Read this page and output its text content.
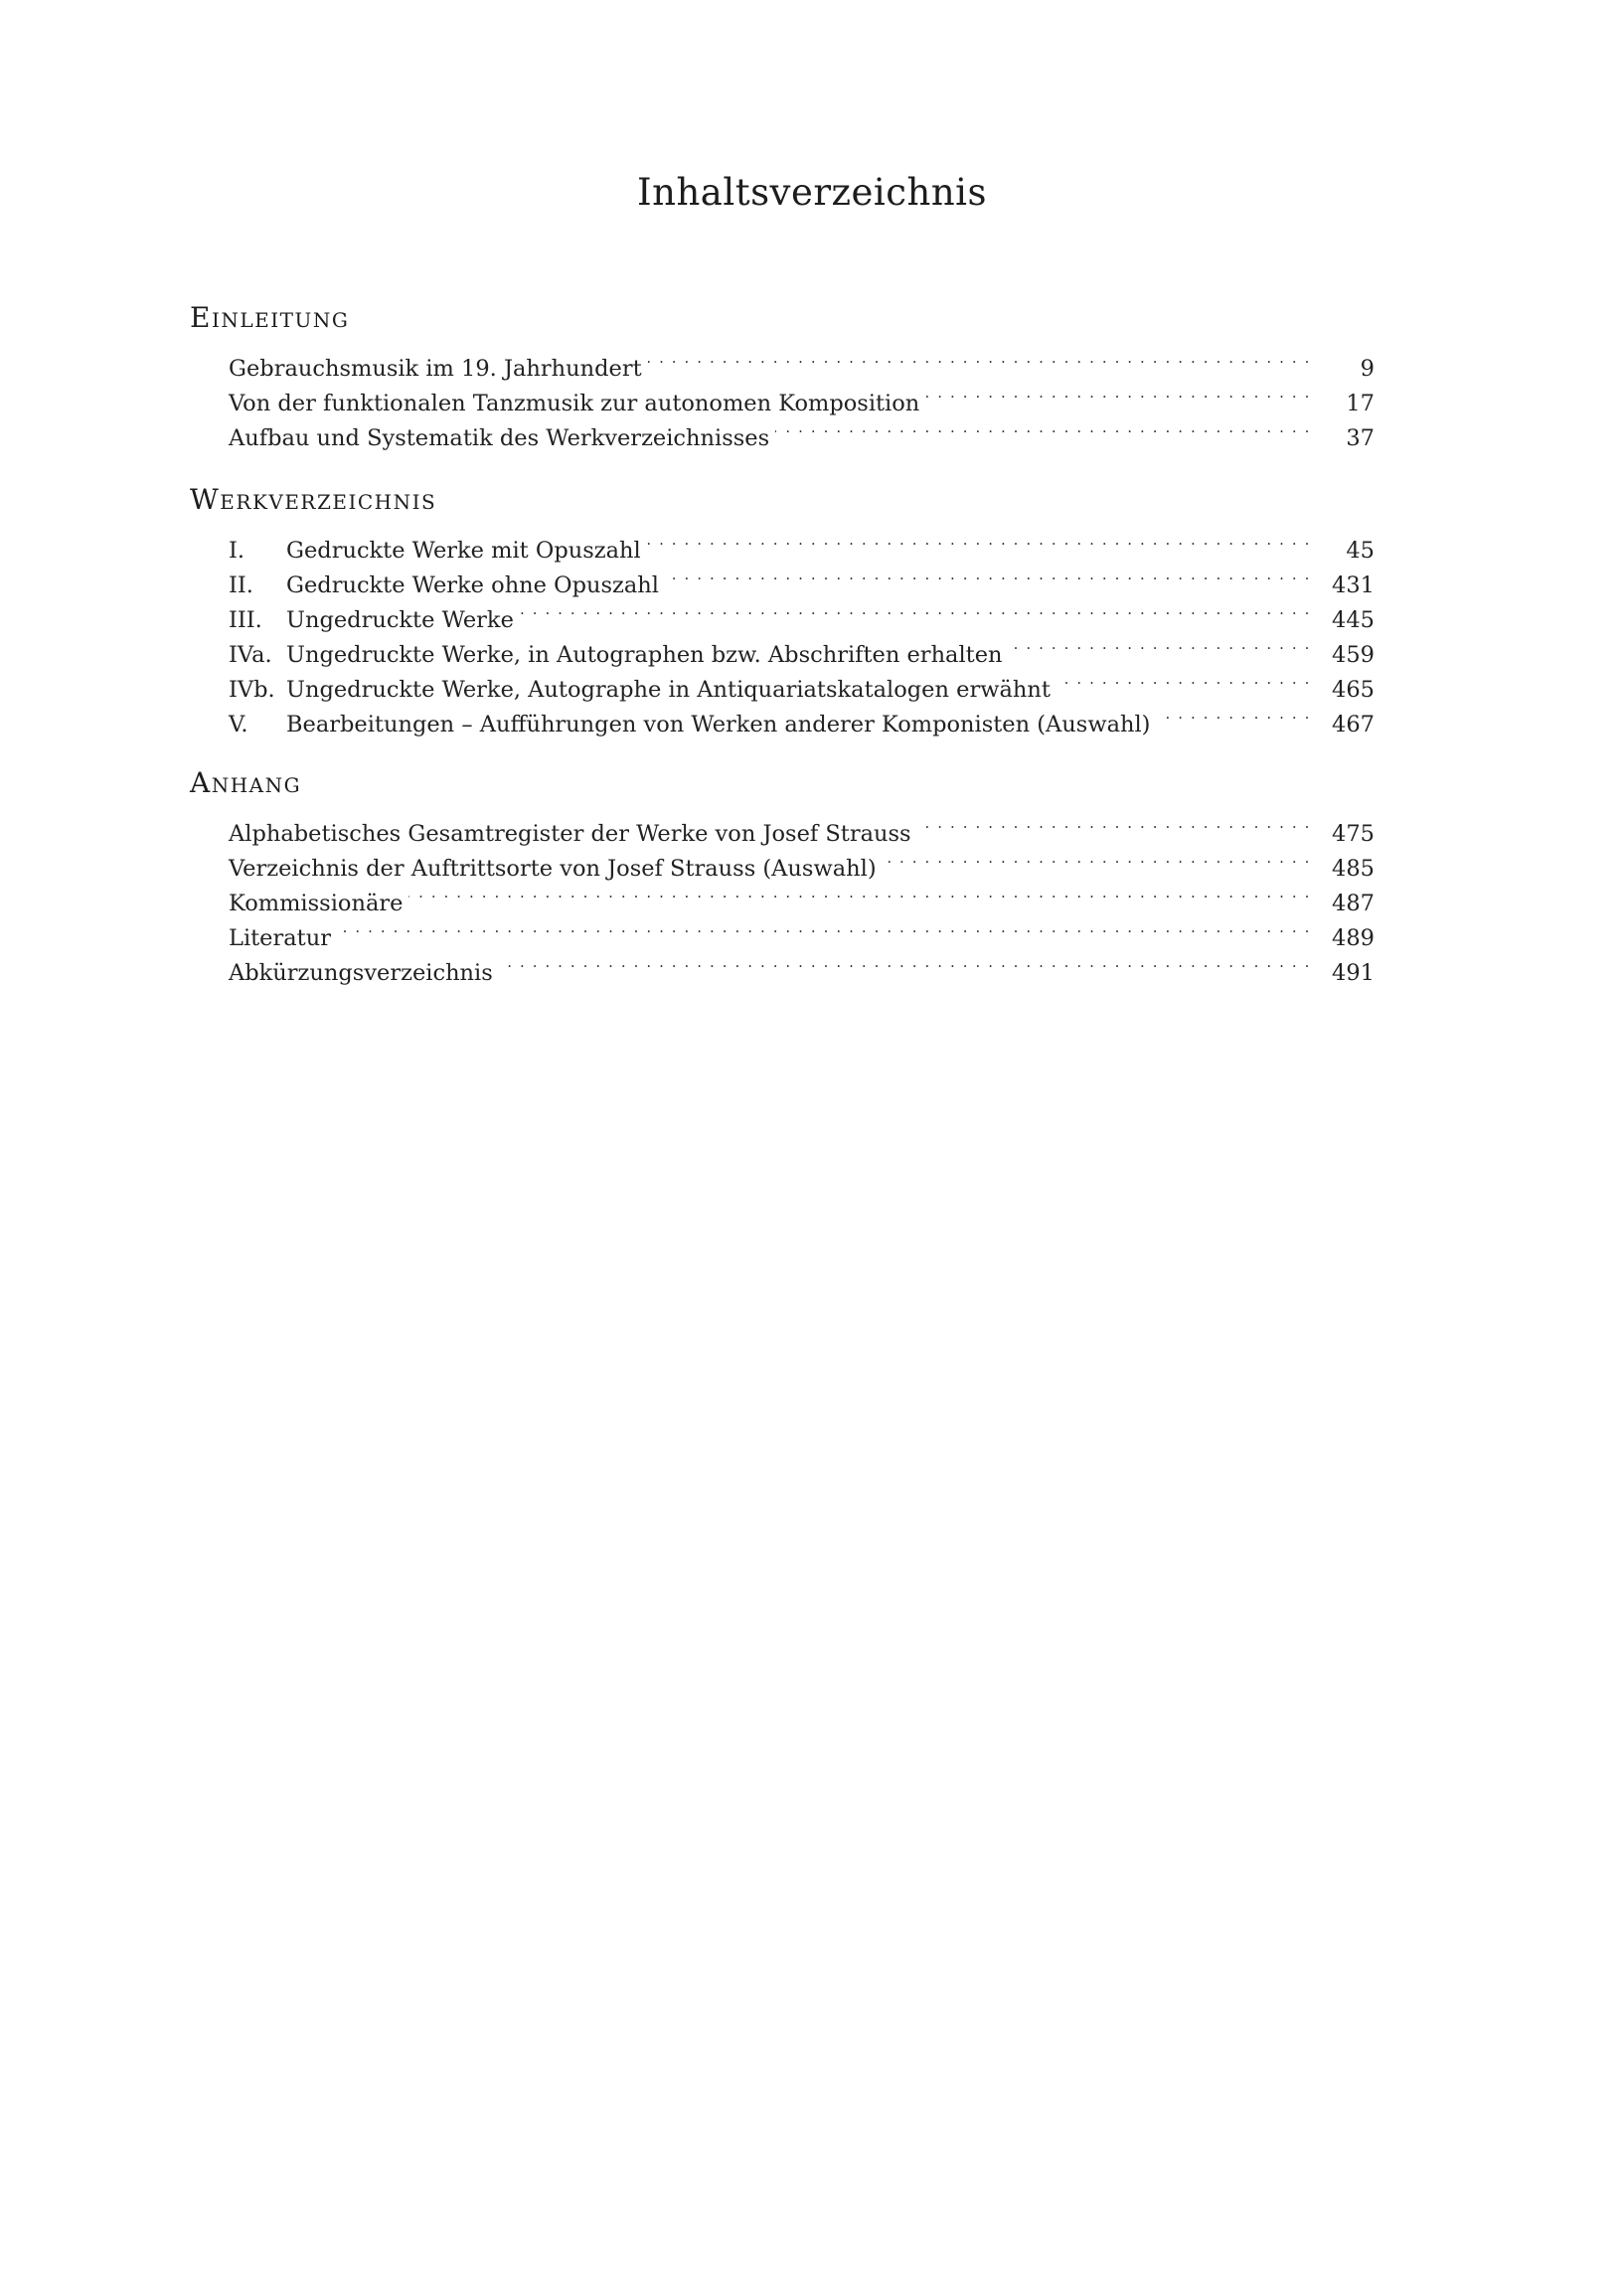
Inhaltsverzeichnis
Einleitung
Gebrauchsmusik im 19. Jahrhundert . . .	9
Von der funktionalen Tanzmusik zur autonomen Komposition . . .	17
Aufbau und Systematik des Werkverzeichnisses . . .	37
Werkverzeichnis
I.	Gedruckte Werke mit Opuszahl . . .	45
II.	Gedruckte Werke ohne Opuszahl . . .	431
III.	Ungedruckte Werke . . .	445
IVa. Ungedruckte Werke, in Autographen bzw. Abschriften erhalten . . .	459
IVb. Ungedruckte Werke, Autographe in Antiquariatskatalogen erwähnt . . .	465
V.	Bearbeitungen – Aufführungen von Werken anderer Komponisten (Auswahl) . . .	467
Anhang
Alphabetisches Gesamtregister der Werke von Josef Strauss . . .	475
Verzeichnis der Auftrittsorte von Josef Strauss (Auswahl) . . .	485
Kommissionäre . . .	487
Literatur . . .	489
Abkürzungsverzeichnis . . .	491
